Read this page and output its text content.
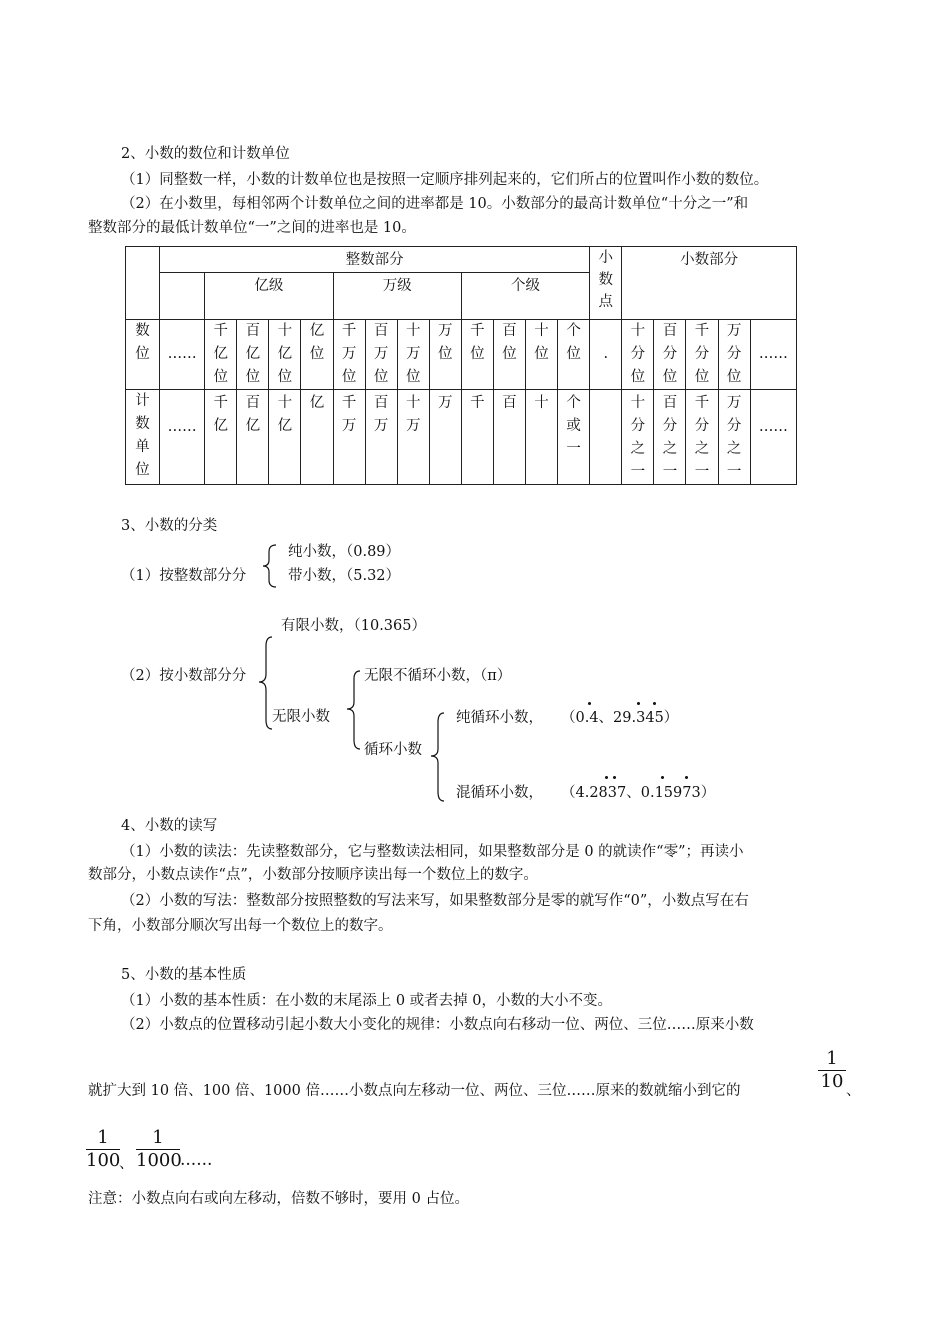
2、小数的数位和计数单位
（1）同整数一样，小数的计数单位也是按照一定顺序排列起来的，它们所占的位置叫作小数的数位。
（2）在小数里，每相邻两个计数单位之间的进率都是 10。小数部分的最高计数单位“十分之一”和
整数部分的最低计数单位“一”之间的进率也是 10。
	整数部分													小数点	小数部分				
		亿级				万级				个级									
数位	……	千亿位	百亿位	十亿位	亿位	千万位	百万位	十万位	万位	千位	百位	十位	个位	.	十分位	百分位	千分位	万分位	……
计数单位	……	千亿	百亿	十亿	亿	千万	百万	十万	万	千	百	十	个或一		十分之一	百分之一	千分之一	万分之一	……
3、小数的分类
纯小数，（0.89）
（1）按整数部分分	带小数，（5.32）
有限小数，（10.365）
（2）按小数部分分
无限小数
无限不循环小数，（π）
循环小数
纯循环小数， （0.4、29.345）
混循环小数， （4.2837、0.15973）
4、小数的读写
（1）小数的读法：先读整数部分，它与整数读法相同，如果整数部分是 0 的就读作“零”；再读小
数部分，小数点读作“点”，小数部分按顺序读出每一个数位上的数字。
（2）小数的写法：整数部分按照整数的写法来写，如果整数部分是零的就写作“0”，小数点写在右
下角，小数部分顺次写出每一个数位上的数字。
5、小数的基本性质
（1）小数的基本性质：在小数的末尾添上 0 或者去掉 0，小数的大小不变。
（2）小数点的位置移动引起小数大小变化的规律：小数点向右移动一位、两位、三位……原来小数
就扩大到 10 倍、100 倍、1000 倍……小数点向左移动一位、两位、三位……原来的数就缩小到它的	$\frac{1}{10}$ 、
$\frac{1}{100}$ 、 $\frac{1}{1000}$ ......
注意：小数点向右或向左移动，倍数不够时，要用 0 占位。
